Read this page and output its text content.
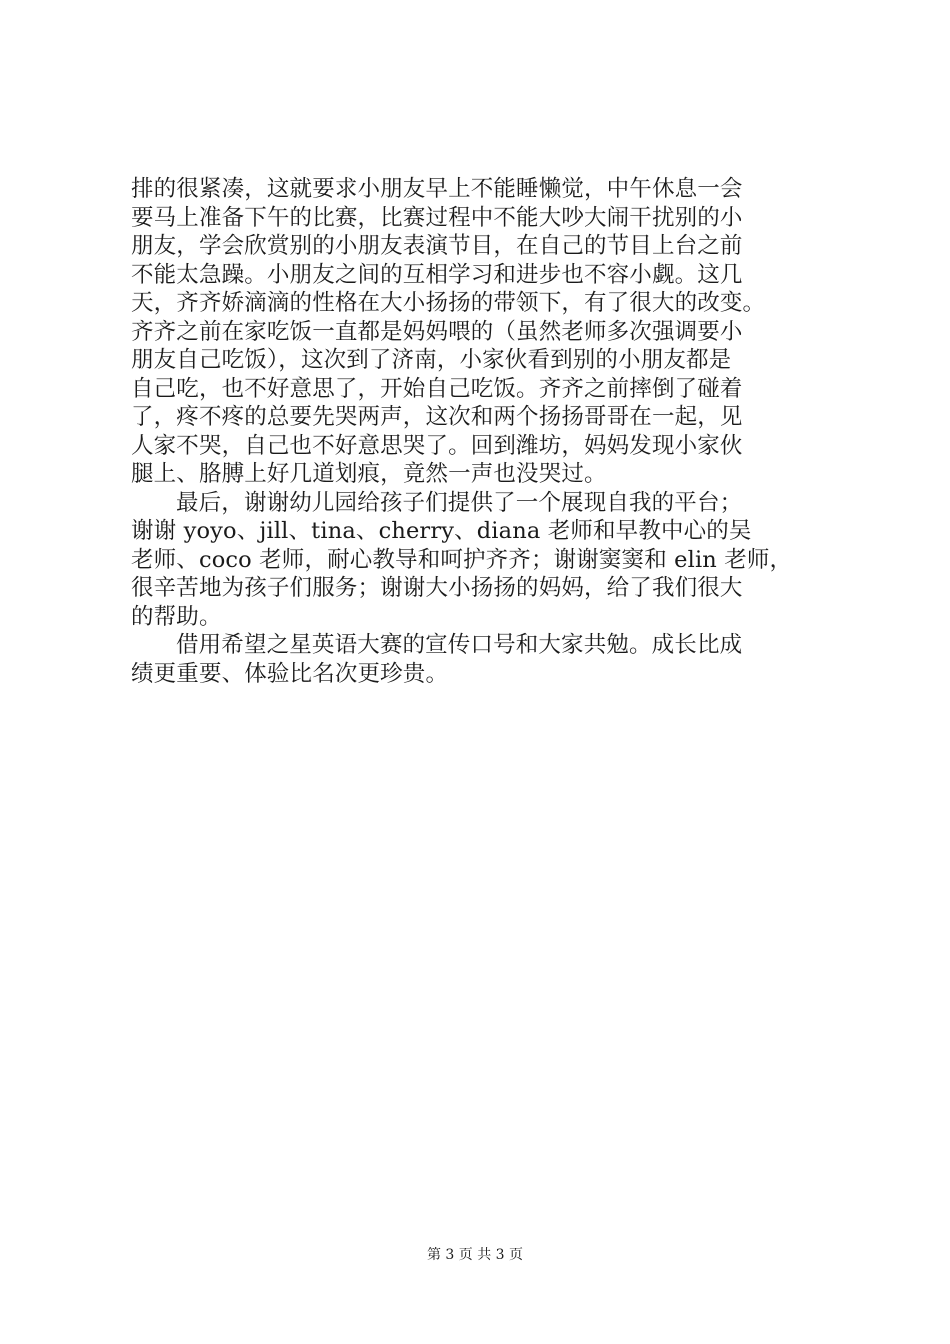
排的很紧凑，这就要求小朋友早上不能睡懒觉，中午休息一会
要马上准备下午的比赛，比赛过程中不能大吵大闹干扰别的小
朋友，学会欣赏别的小朋友表演节目，在自己的节目上台之前
不能太急躁。小朋友之间的互相学习和进步也不容小觑。这几
天，齐齐娇滴滴的性格在大小扬扬的带领下，有了很大的改变。
齐齐之前在家吃饭一直都是妈妈喂的（虽然老师多次强调要小
朋友自己吃饭），这次到了济南，小家伙看到别的小朋友都是
自己吃，也不好意思了，开始自己吃饭。齐齐之前摔倒了碰着
了，疼不疼的总要先哭两声，这次和两个扬扬哥哥在一起，见
人家不哭，自己也不好意思哭了。回到潍坊，妈妈发现小家伙
腿上、胳膊上好几道划痕，竟然一声也没哭过。
最后，谢谢幼儿园给孩子们提供了一个展现自我的平台；
谢谢 yoyo、jill、tina、cherry、diana 老师和早教中心的吴
老师、coco 老师，耐心教导和呵护齐齐；谢谢窦窦和 elin 老师，
很辛苦地为孩子们服务；谢谢大小扬扬的妈妈，给了我们很大
的帮助。
借用希望之星英语大赛的宣传口号和大家共勉。成长比成
绩更重要、体验比名次更珍贵。
第 3 页 共 3 页
